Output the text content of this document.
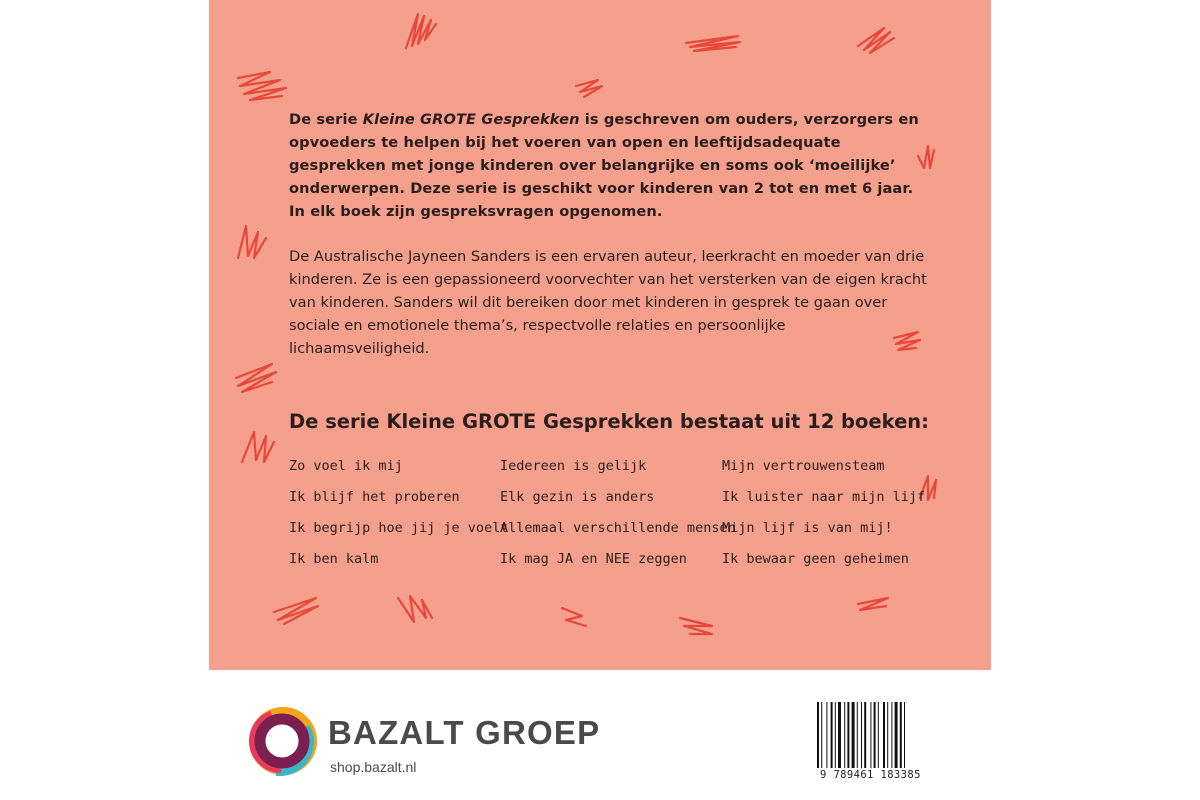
De serie Kleine GROTE Gesprekken is geschreven om ouders, verzorgers en opvoeders te helpen bij het voeren van open en leeftijdsadequate gesprekken met jonge kinderen over belangrijke en soms ook ‘moeilijke’ onderwerpen. Deze serie is geschikt voor kinderen van 2 tot en met 6 jaar. In elk boek zijn gespreksvragen opgenomen.

De Australische Jayneen Sanders is een ervaren auteur, leerkracht en moeder van drie kinderen. Ze is een gepassioneerd voorvechter van het versterken van de eigen kracht van kinderen. Sanders wil dit bereiken door met kinderen in gesprek te gaan over sociale en emotionele thema’s, respectvolle relaties en persoonlijke lichaamsveiligheid.

De serie Kleine GROTE Gesprekken bestaat uit 12 boeken:
Zo voel ik mij
Ik blijf het proberen
Ik begrijp hoe jij je voelt
Ik ben kalm
Iedereen is gelijk
Elk gezin is anders
Allemaal verschillende mensen
Ik mag JA en NEE zeggen
Mijn vertrouwensteam
Ik luister naar mijn lijf
Mijn lijf is van mij!
Ik bewaar geen geheimen

BAZALT GROEP

shop.bazalt.nl	9 789461 183385
